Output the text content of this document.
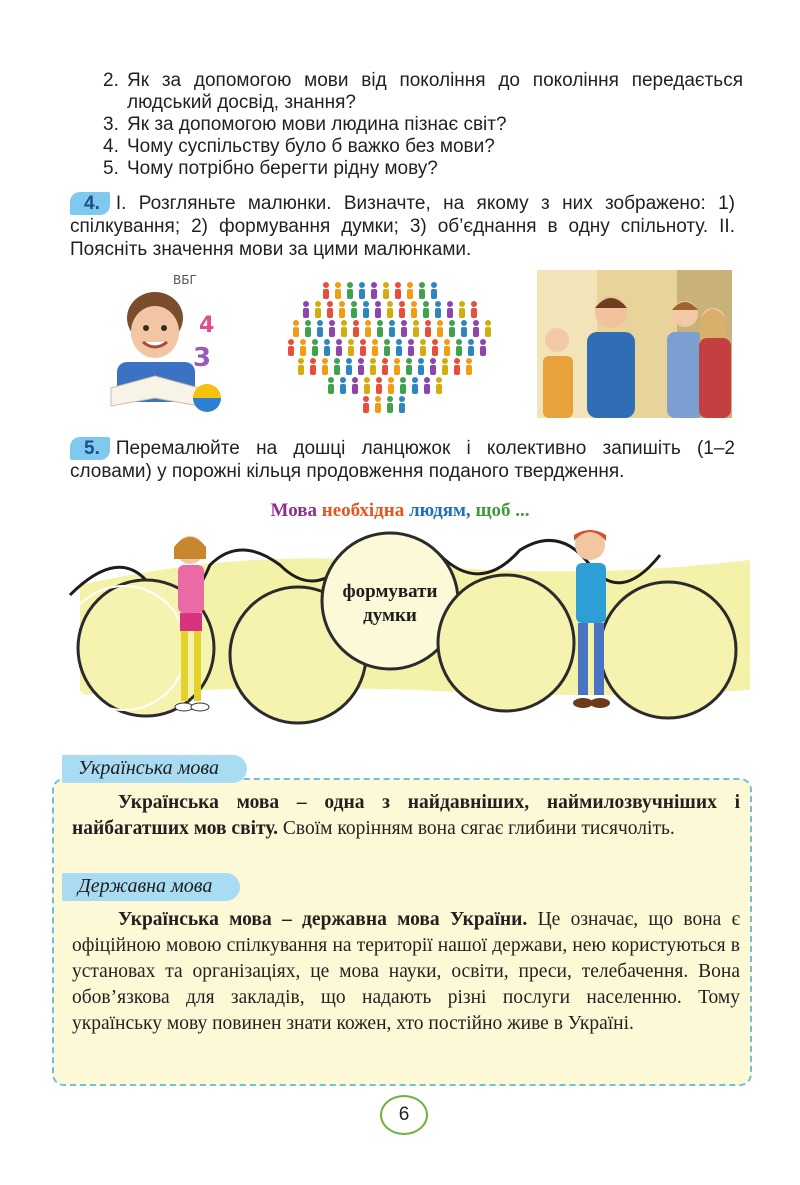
2. Як за допомогою мови від покоління до покоління передається людський досвід, знання?
3. Як за допомогою мови людина пізнає світ?
4. Чому суспільству було б важко без мови?
5. Чому потрібно берегти рідну мову?
4. І. Розгляньте малюнки. Визначте, на якому з них зображено: 1) спілкування; 2) формування думки; 3) об’єднання в одну спільноту. ІІ. Поясніть значення мови за цими малюнками.
ВБГ
4
3
5. Перемалюйте на дошці ланцюжок і колективно запишіть (1–2 словами) у порожні кільця продовження поданого твердження.
Мова необхідна людям, щоб ...
формувати
думки
Українська мова

Українська мова – одна з найдавніших, наймилозвучніших і найбагатших мов світу. Своїм корінням вона сягає глибини тисячоліть.

Державна мова

Українська мова – державна мова України. Це означає, що вона є офіційною мовою спілкування на території нашої держави, нею користуються в установах та організаціях, це мова науки, освіти, преси, телебачення. Вона обов’язкова для закладів, що надають різні послуги населенню. Тому українську мову повинен знати кожен, хто постійно живе в Україні.

6
